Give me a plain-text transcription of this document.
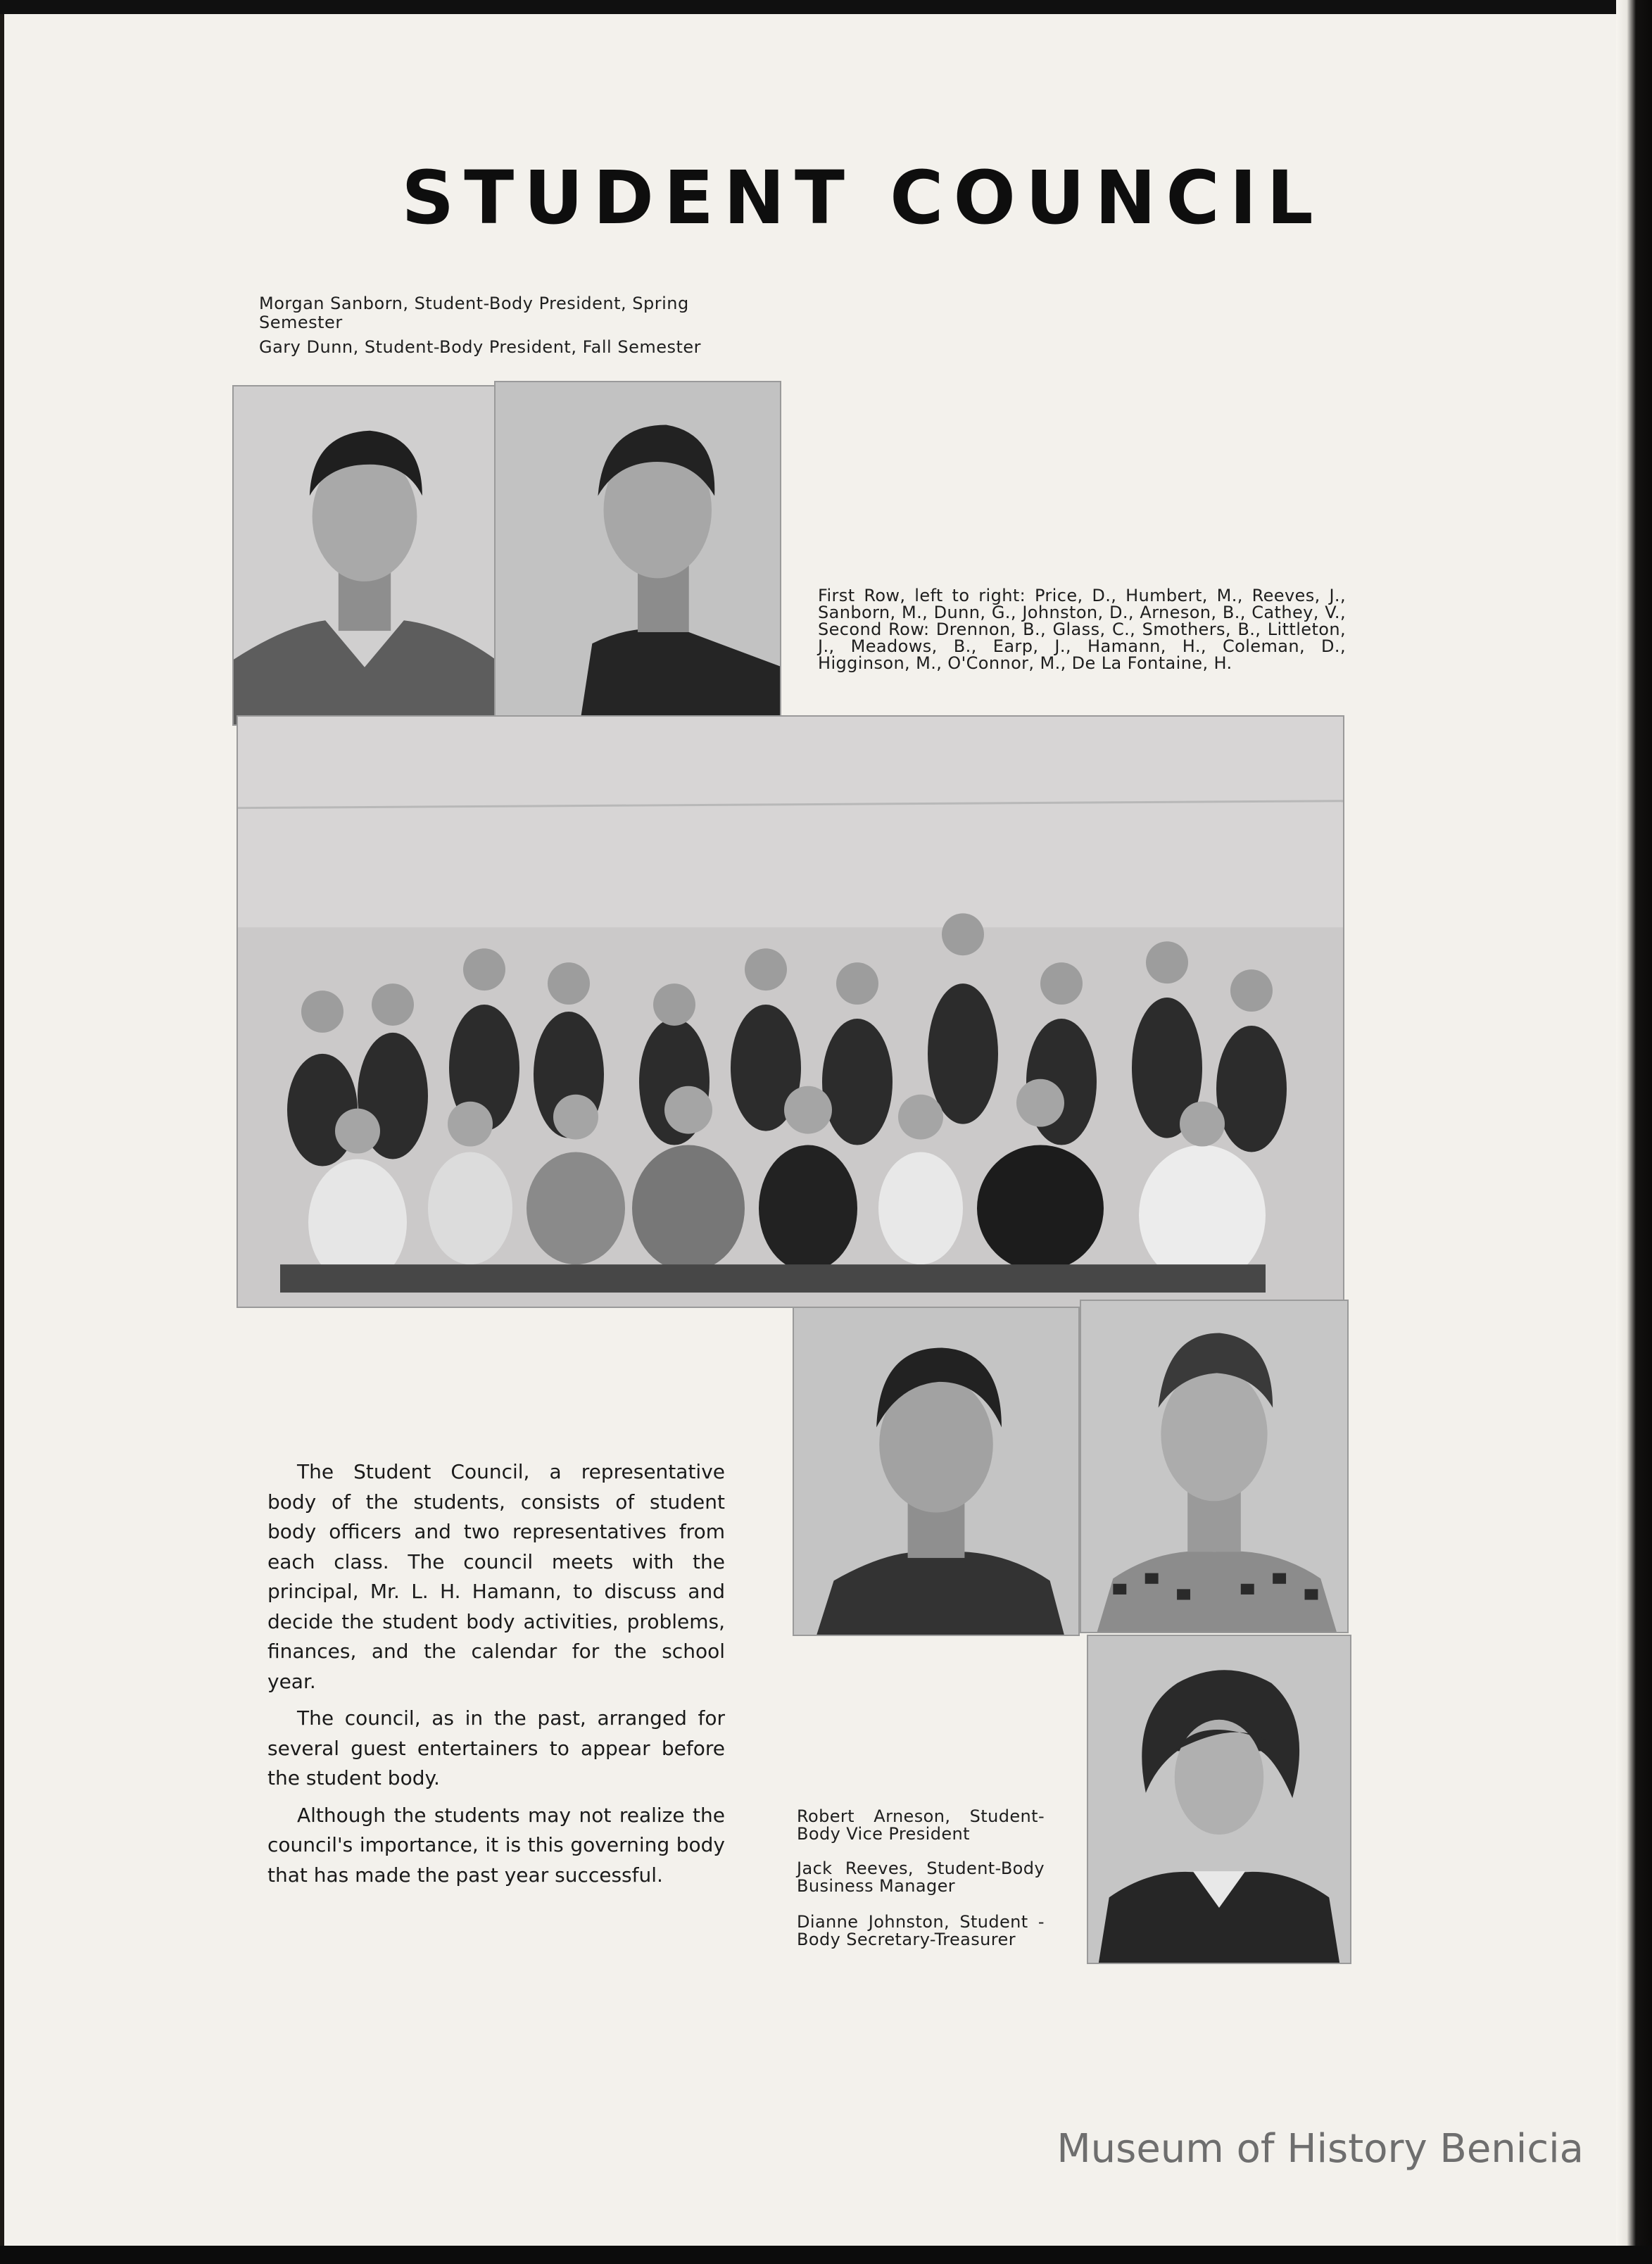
STUDENT COUNCIL
Morgan Sanborn, Student-Body President, Spring Semester
Gary Dunn, Student-Body President, Fall Semester
First Row, left to right: Price, D., Humbert, M., Reeves, J., Sanborn, M., Dunn, G., Johnston, D., Arneson, B., Cathey, V., Second Row: Drennon, B., Glass, C., Smothers, B., Littleton, J., Meadows, B., Earp, J., Hamann, H., Coleman, D., Higginson, M., O'Connor, M., De La Fontaine, H.

The Student Council, a representative body of the students, consists of student body officers and two representatives from each class. The council meets with the principal, Mr. L. H. Hamann, to discuss and decide the student body activities, problems, finances, and the calendar for the school year.

The council, as in the past, arranged for several guest entertainers to appear before the student body.

Although the students may not realize the council's importance, it is this governing body that has made the past year successful.

Robert Arneson, Student-Body Vice President
Jack Reeves, Student-Body Business Manager
Dianne Johnston, Student - Body Secretary-Treasurer
Museum of History Benicia
